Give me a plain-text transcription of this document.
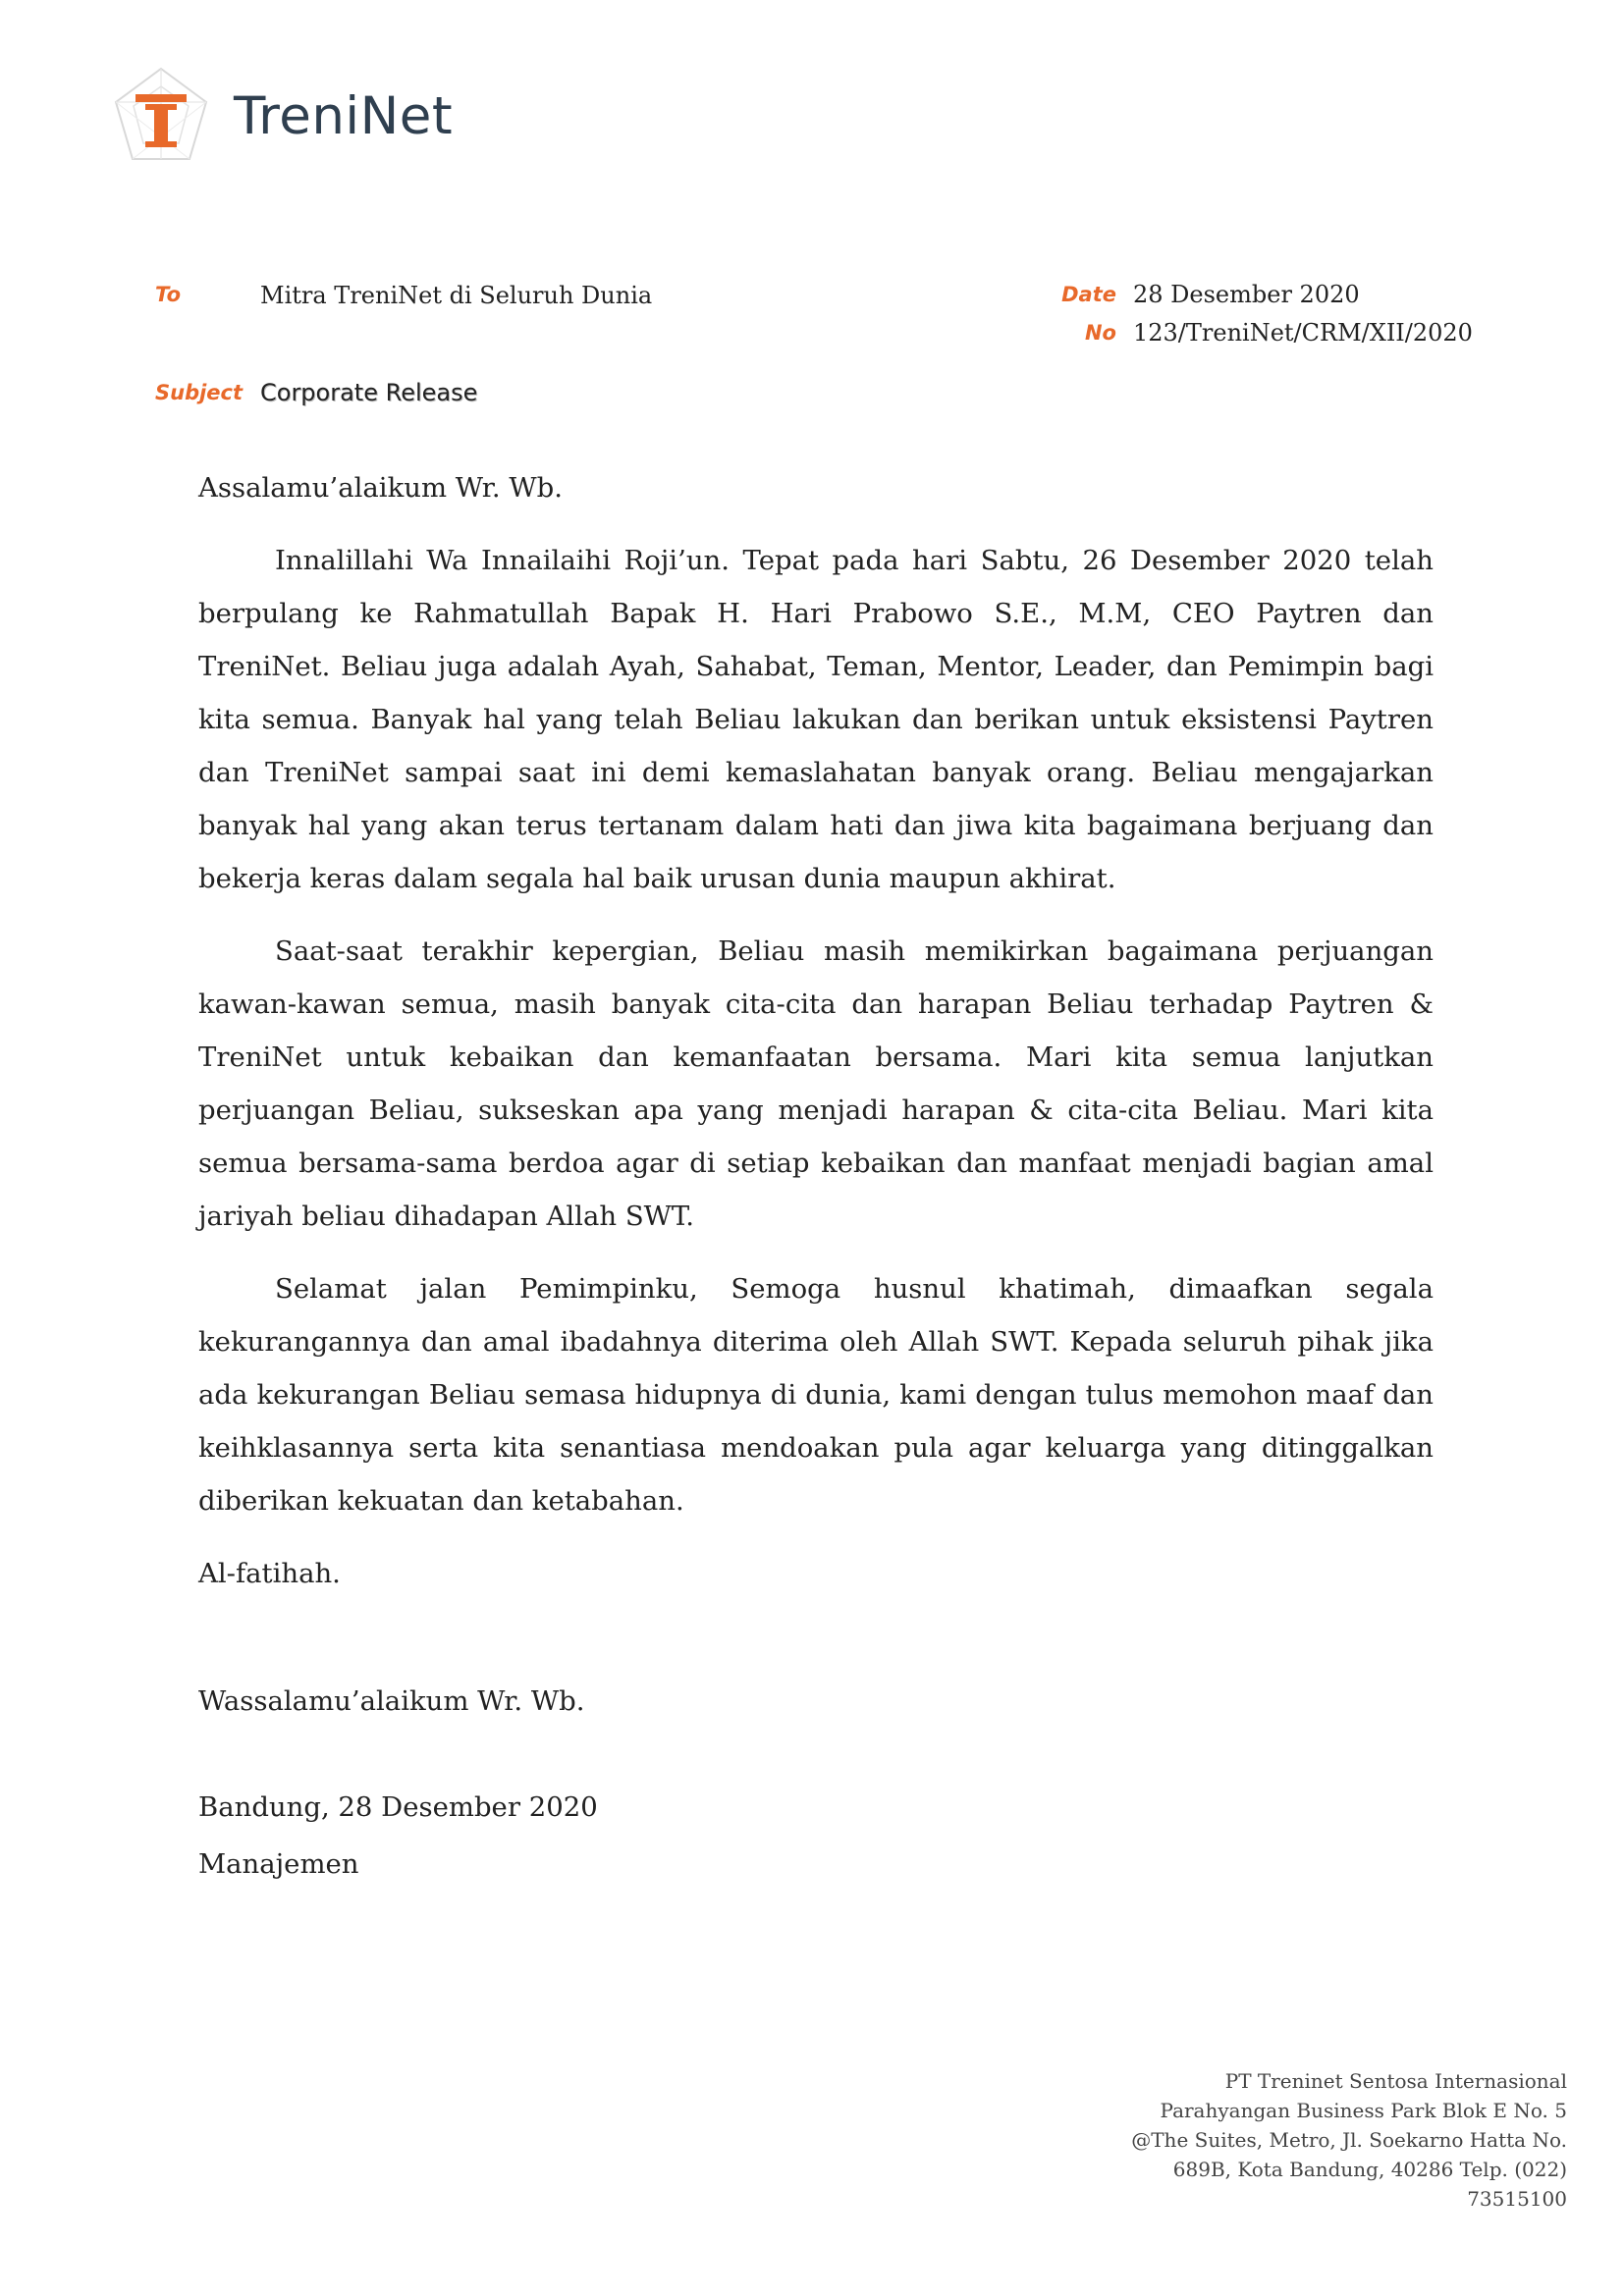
TreniNet
To	Mitra TreniNet di Seluruh Dunia	Date 28 Desember 2020
No 123/TreniNet/CRM/XII/2020
Subject Corporate Release

Assalamu’alaikum Wr. Wb.

Innalillahi Wa Innailaihi Roji’un. Tepat pada hari Sabtu, 26 Desember 2020 telah berpulang ke Rahmatullah Bapak H. Hari Prabowo S.E., M.M, CEO Paytren dan TreniNet. Beliau juga adalah Ayah, Sahabat, Teman, Mentor, Leader, dan Pemimpin bagi kita semua. Banyak hal yang telah Beliau lakukan dan berikan untuk eksistensi Paytren dan TreniNet sampai saat ini demi kemaslahatan banyak orang. Beliau mengajarkan banyak hal yang akan terus tertanam dalam hati dan jiwa kita bagaimana berjuang dan bekerja keras dalam segala hal baik urusan dunia maupun akhirat.

Saat-saat terakhir kepergian, Beliau masih memikirkan bagaimana perjuangan kawan-kawan semua, masih banyak cita-cita dan harapan Beliau terhadap Paytren & TreniNet untuk kebaikan dan kemanfaatan bersama. Mari kita semua lanjutkan perjuangan Beliau, sukseskan apa yang menjadi harapan & cita-cita Beliau. Mari kita semua bersama-sama berdoa agar di setiap kebaikan dan manfaat menjadi bagian amal jariyah beliau dihadapan Allah SWT.

Selamat jalan Pemimpinku, Semoga husnul khatimah, dimaafkan segala kekurangannya dan amal ibadahnya diterima oleh Allah SWT. Kepada seluruh pihak jika ada kekurangan Beliau semasa hidupnya di dunia, kami dengan tulus memohon maaf dan keihklasannya serta kita senantiasa mendoakan pula agar keluarga yang ditinggalkan diberikan kekuatan dan ketabahan.

Al-fatihah.

Wassalamu’alaikum Wr. Wb.

Bandung, 28 Desember 2020

Manajemen

PT Treninet Sentosa Internasional
Parahyangan Business Park Blok E No. 5
@The Suites, Metro, Jl. Soekarno Hatta No.
689B, Kota Bandung, 40286 Telp. (022)
73515100
